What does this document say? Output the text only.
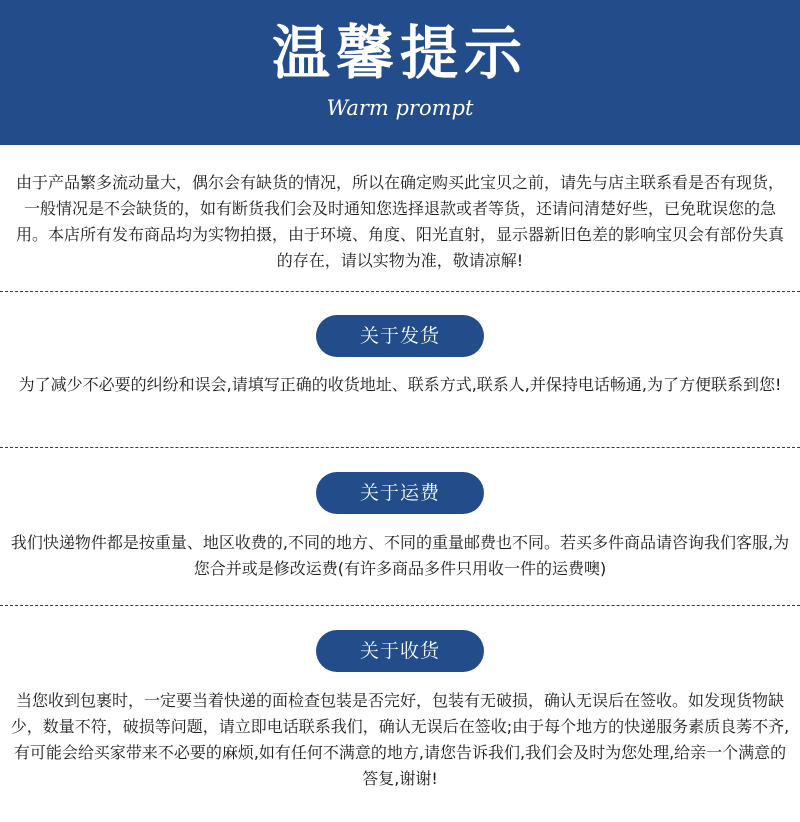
温馨提示
Warm prompt

由于产品繁多流动量大，偶尔会有缺货的情况，所以在确定购买此宝贝之前，请先与店主联系看是否有现货，一般情况是不会缺货的，如有断货我们会及时通知您选择退款或者等货，还请问清楚好些，已免耽误您的急用。本店所有发布商品均为实物拍摄，由于环境、角度、阳光直射，显示器新旧色差的影响宝贝会有部份失真的存在，请以实物为准，敬请凉解!

关于发货

为了减少不必要的纠纷和误会,请填写正确的收货地址、联系方式,联系人,并保持电话畅通,为了方便联系到您!

关于运费

我们快递物件都是按重量、地区收费的,不同的地方、不同的重量邮费也不同。若买多件商品请咨询我们客服,为您合并或是修改运费(有许多商品多件只用收一件的运费噢)

关于收货

当您收到包裹时，一定要当着快递的面检查包装是否完好，包装有无破损，确认无误后在签收。如发现货物缺少，数量不符，破损等问题，请立即电话联系我们，确认无误后在签收;由于每个地方的快递服务素质良莠不齐,有可能会给买家带来不必要的麻烦,如有任何不满意的地方,请您告诉我们,我们会及时为您处理,给亲一个满意的答复,谢谢!
